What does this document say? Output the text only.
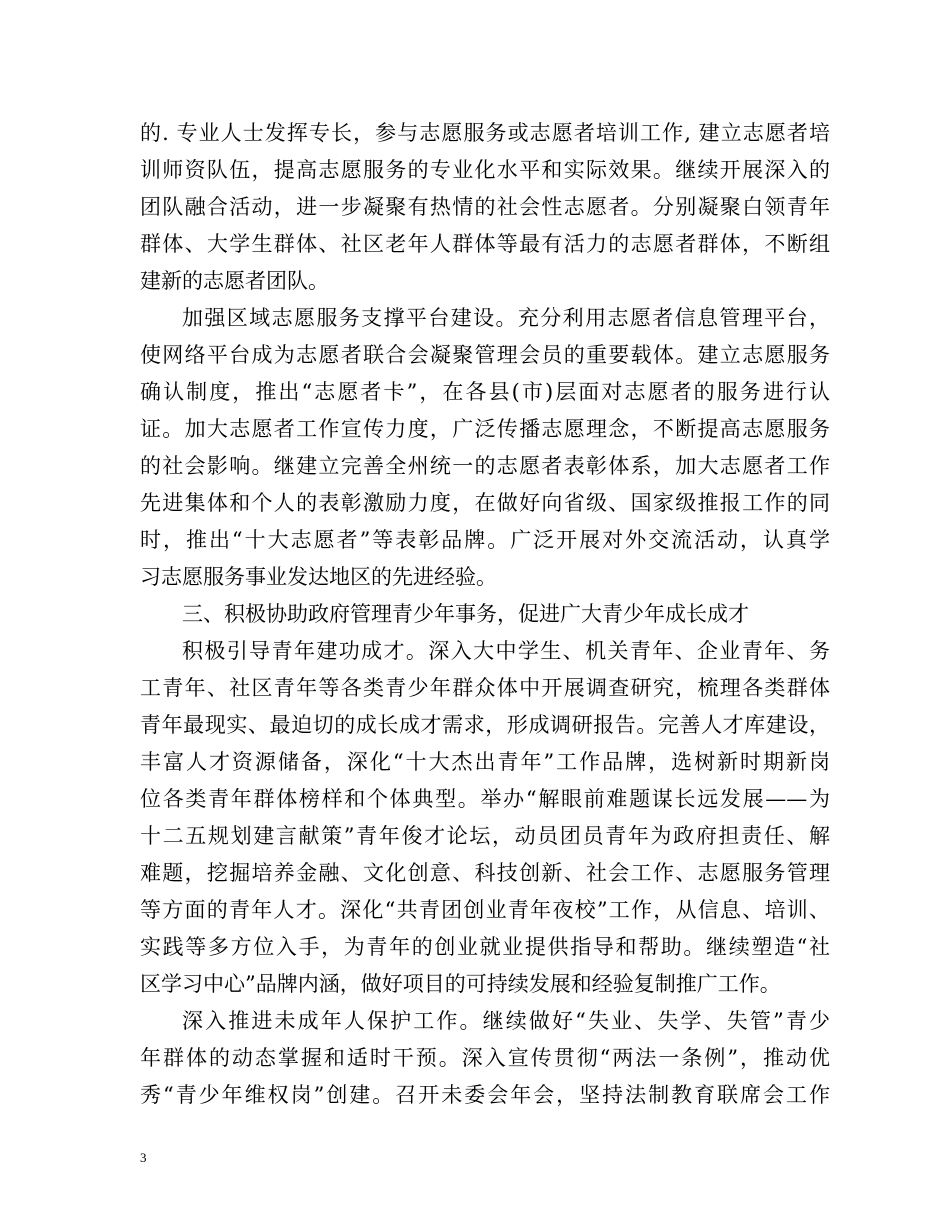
的. 专业人士发挥专长，参与志愿服务或志愿者培训工作, 建立志愿者培
训师资队伍，提高志愿服务的专业化水平和实际效果。继续开展深入的
团队融合活动，进一步凝聚有热情的社会性志愿者。分别凝聚白领青年
群体、大学生群体、社区老年人群体等最有活力的志愿者群体，不断组
建新的志愿者团队。
加强区域志愿服务支撑平台建设。充分利用志愿者信息管理平台，
使网络平台成为志愿者联合会凝聚管理会员的重要载体。建立志愿服务
确认制度，推出“志愿者卡”，在各县(市)层面对志愿者的服务进行认
证。加大志愿者工作宣传力度，广泛传播志愿理念，不断提高志愿服务
的社会影响。继建立完善全州统一的志愿者表彰体系，加大志愿者工作
先进集体和个人的表彰激励力度，在做好向省级、国家级推报工作的同
时，推出“十大志愿者”等表彰品牌。广泛开展对外交流活动，认真学
习志愿服务事业发达地区的先进经验。
三、积极协助政府管理青少年事务，促进广大青少年成长成才
积极引导青年建功成才。深入大中学生、机关青年、企业青年、务
工青年、社区青年等各类青少年群众体中开展调查研究，梳理各类群体
青年最现实、最迫切的成长成才需求，形成调研报告。完善人才库建设，
丰富人才资源储备，深化“十大杰出青年”工作品牌，选树新时期新岗
位各类青年群体榜样和个体典型。举办“解眼前难题谋长远发展——为
十二五规划建言献策”青年俊才论坛，动员团员青年为政府担责任、解
难题，挖掘培养金融、文化创意、科技创新、社会工作、志愿服务管理
等方面的青年人才。深化“共青团创业青年夜校”工作，从信息、培训、
实践等多方位入手，为青年的创业就业提供指导和帮助。继续塑造“社
区学习中心”品牌内涵，做好项目的可持续发展和经验复制推广工作。
深入推进未成年人保护工作。继续做好“失业、失学、失管”青少
年群体的动态掌握和适时干预。深入宣传贯彻“两法一条例”，推动优
秀“青少年维权岗”创建。召开未委会年会，坚持法制教育联席会工作
3
